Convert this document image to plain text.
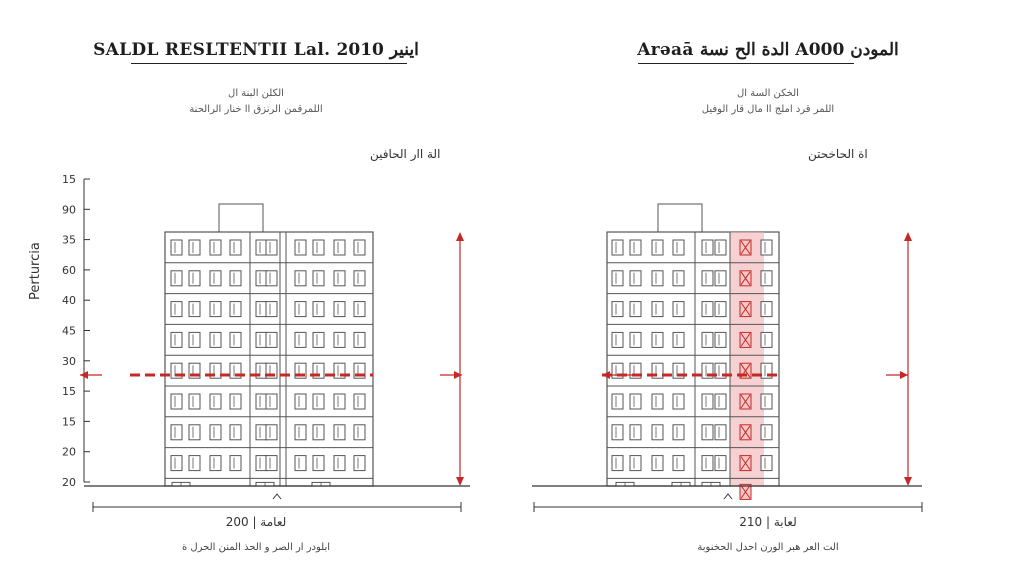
SALDL RESLTENTII Lal. اينير 2010
الكلن البنة ال
اللمرقمن الرنزق اا خنار الرالحنة
الة اار الحافين
Perturcia
200 | لعامة
ابلودر ار الصر و الحذ المنن الحرل ة
15
90
35
60
40
45
30
15
15
20
20
Arəaā الدة الح نسة Aالمودن 000
الخكن السة ال
اللمر قرد املج اا مال قار الوفيل
اة الحاخحتن
210 | لعابة
الت العر هبر الورن احدل الحخنوبة
